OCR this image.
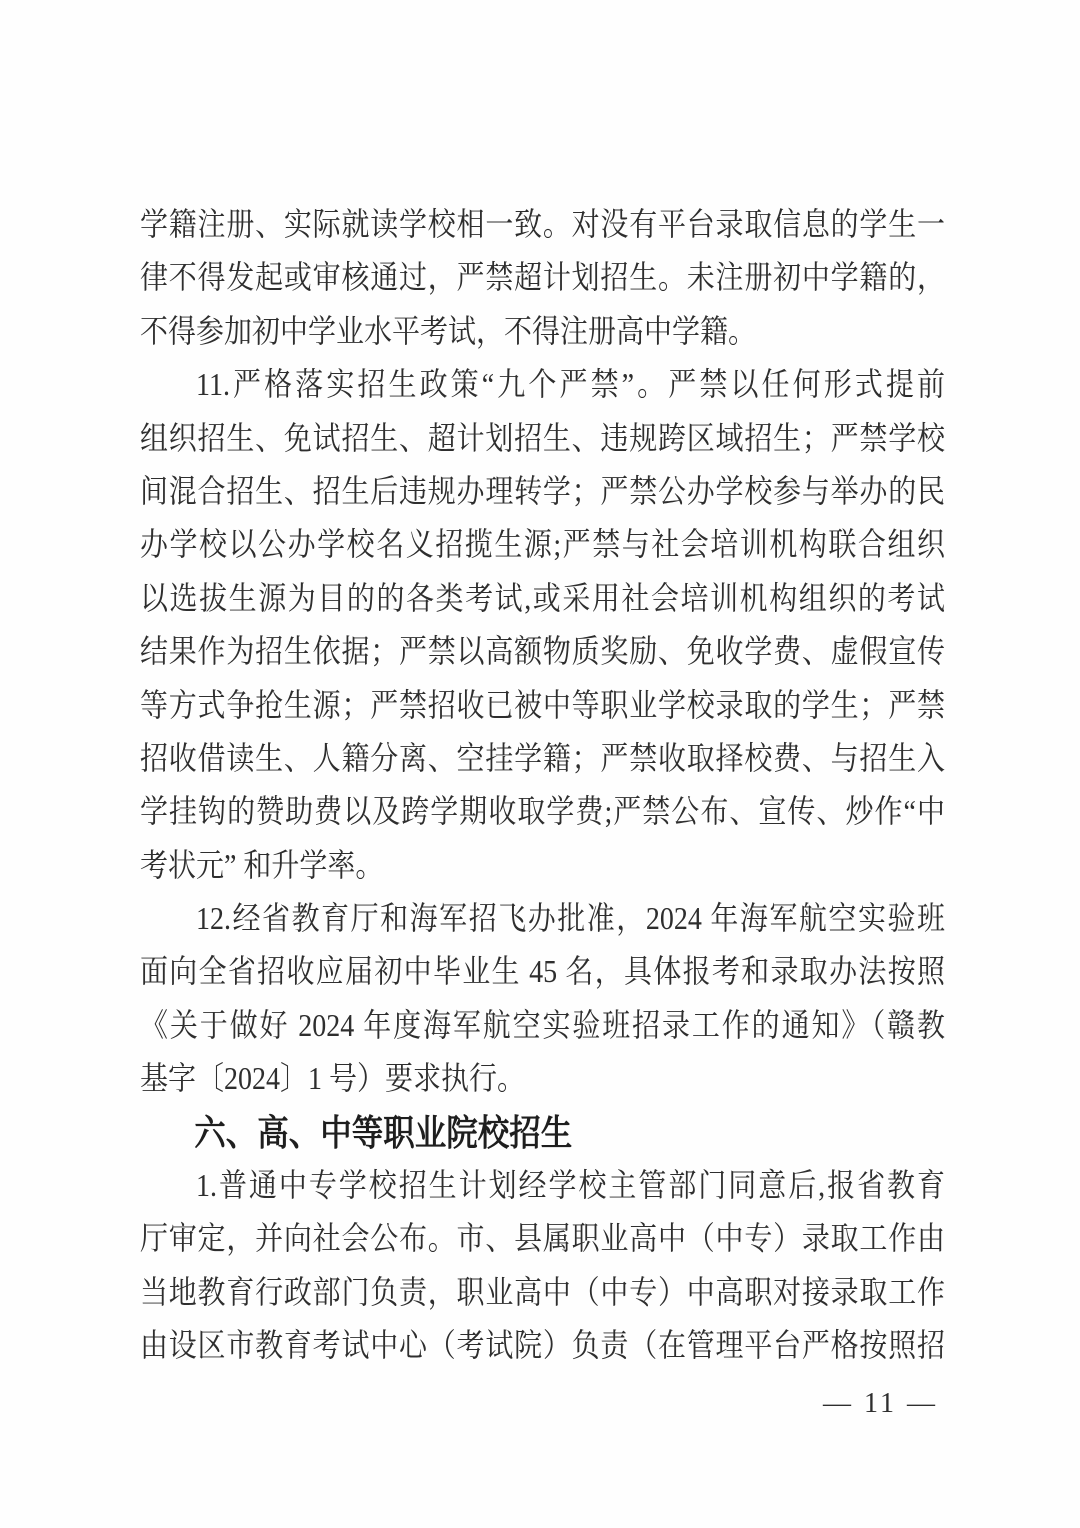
学籍注册、实际就读学校相一致。对没有平台录取信息的学生一
律不得发起或审核通过，严禁超计划招生。未注册初中学籍的，
不得参加初中学业水平考试，不得注册高中学籍。
11.严格落实招生政策“九个严禁”。严禁以任何形式提前
组织招生、免试招生、超计划招生、违规跨区域招生；严禁学校
间混合招生、招生后违规办理转学；严禁公办学校参与举办的民
办学校以公办学校名义招揽生源;严禁与社会培训机构联合组织
以选拔生源为目的的各类考试,或采用社会培训机构组织的考试
结果作为招生依据；严禁以高额物质奖励、免收学费、虚假宣传
等方式争抢生源；严禁招收已被中等职业学校录取的学生；严禁
招收借读生、人籍分离、空挂学籍；严禁收取择校费、与招生入
学挂钩的赞助费以及跨学期收取学费;严禁公布、宣传、炒作“中
考状元” 和升学率。
12.经省教育厅和海军招飞办批准，2024 年海军航空实验班
面向全省招收应届初中毕业生 45 名，具体报考和录取办法按照
《关于做好 2024 年度海军航空实验班招录工作的通知》（赣教
基字〔2024〕1 号）要求执行。
六、高、中等职业院校招生
1.普通中专学校招生计划经学校主管部门同意后,报省教育
厅审定，并向社会公布。市、县属职业高中（中专）录取工作由
当地教育行政部门负责，职业高中（中专）中高职对接录取工作
由设区市教育考试中心（考试院）负责（在管理平台严格按照招
— 11 —
